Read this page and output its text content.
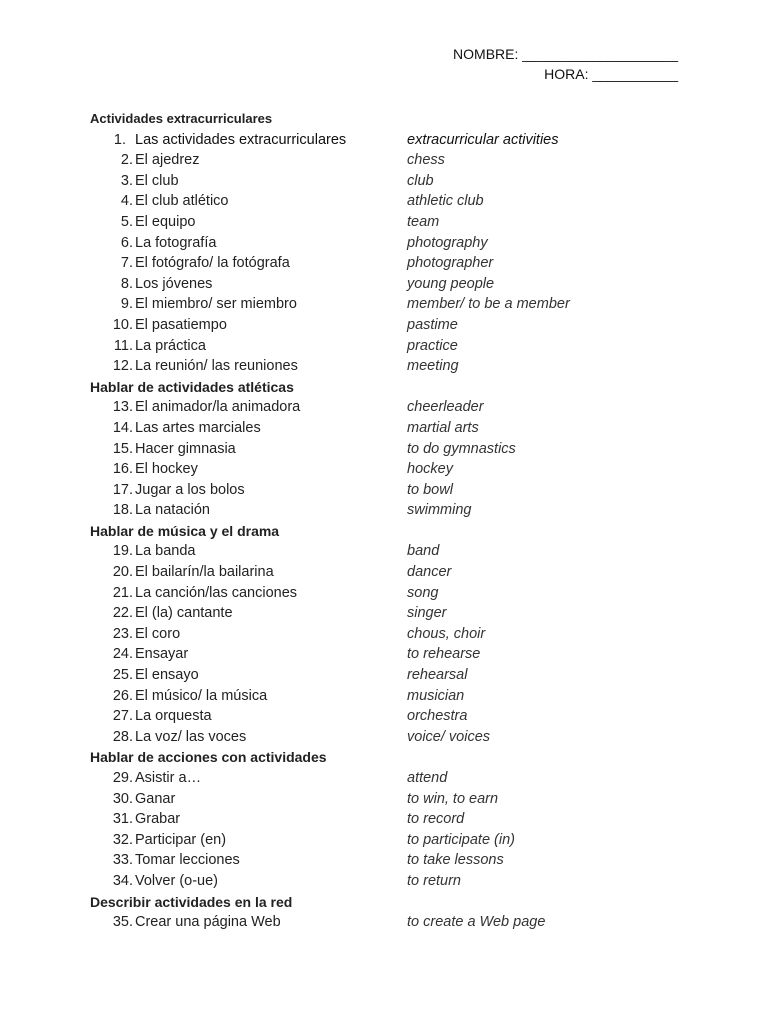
NOMBRE: ____________________
HORA: ___________
Actividades extracurriculares
1. Las actividades extracurriculares	extracurricular activities
2. El ajedrez	chess
3. El club	club
4. El club atlético	athletic club
5. El equipo	team
6. La fotografía	photography
7. El fotógrafo/ la fotógrafa	photographer
8. Los jóvenes	young people
9. El miembro/ ser miembro	member/ to be a member
10. El pasatiempo	pastime
11. La práctica	practice
12. La reunión/ las reuniones	meeting
Hablar de actividades atléticas
13. El animador/la animadora	cheerleader
14. Las artes marciales	martial arts
15. Hacer gimnasia	to do gymnastics
16. El hockey	hockey
17. Jugar a los bolos	to bowl
18. La natación	swimming
Hablar de música y el drama
19. La banda	band
20. El bailarín/la bailarina	dancer
21. La canción/las canciones	song
22. El (la) cantante	singer
23. El coro	chous, choir
24. Ensayar	to rehearse
25. El ensayo	rehearsal
26. El músico/ la música	musician
27. La orquesta	orchestra
28. La voz/ las voces	voice/ voices
Hablar de acciones con actividades
29. Asistir a…	attend
30. Ganar	to win, to earn
31. Grabar	to record
32. Participar (en)	to participate (in)
33. Tomar lecciones	to take lessons
34. Volver (o-ue)	to return
Describir actividades en la red
35. Crear una página Web	to create a Web page
